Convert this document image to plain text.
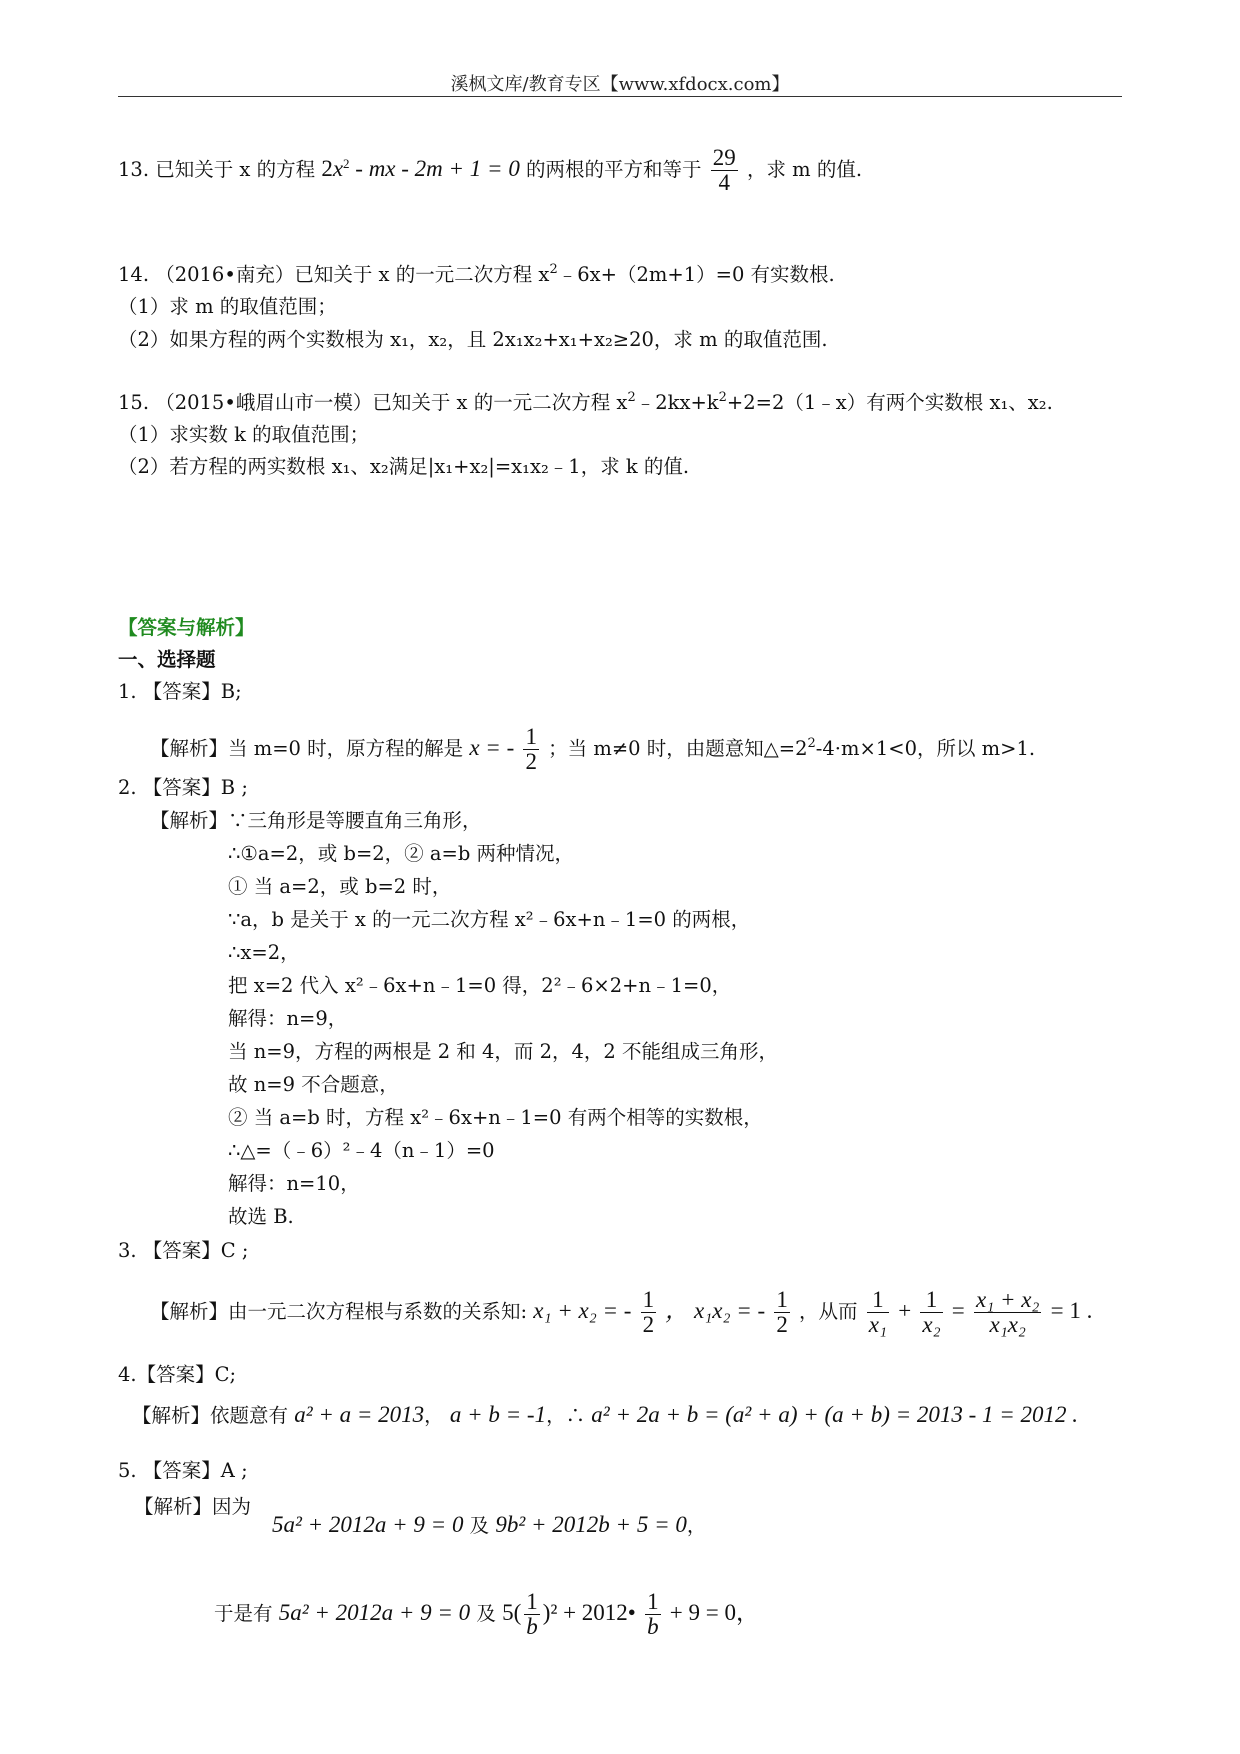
溪枫文库/教育专区【www.xfdocx.com】
13. 已知关于 x 的方程 $2x^2$ - mx - 2m + 1 = 0 的两根的平方和等于 $\frac{29}{4}$ ，求 m 的值.
14. （2016•南充）已知关于 x 的一元二次方程 $x^2﹣6x+(2m+1)=0$ 有实数根.
（1）求 m 的取值范围；
（2）如果方程的两个实数根为 x₁，x₂，且 2x₁x₂+x₁+x₂≥20，求 m 的取值范围.
15. （2015•峨眉山市一模）已知关于 x 的一元二次方程 $x^2﹣2kx+k^2+2=2(1﹣x)$有两个实数根 x₁、x₂.
（1）求实数 k 的取值范围；
（2）若方程的两实数根 x₁、x₂满足|x₁+x₂|=x₁x₂﹣1，求 k 的值.
【答案与解析】
一、选择题
1. 【答案】B;
【解析】当 m=0 时，原方程的解是 x = - $\frac{1}{2}$ ；当 m≠0 时，由题意知$\triangle=2^2-4\cdot m\times 1<0$，所以 m>1.
2. 【答案】B ;
【解析】∵三角形是等腰直角三角形，
∴①a=2，或 b=2，② a=b 两种情况，
① 当 a=2，或 b=2 时，
∵a，b 是关于 x 的一元二次方程 x²﹣6x+n﹣1=0 的两根，
∴x=2，
把 x=2 代入 x²﹣6x+n﹣1=0 得，2²﹣6×2+n﹣1=0，
解得：n=9，
当 n=9，方程的两根是 2 和 4，而 2，4，2 不能组成三角形，
故 n=9 不合题意，
② 当 a=b 时，方程 x²﹣6x+n﹣1=0 有两个相等的实数根，
∴△=（﹣6）²﹣4（n﹣1）=0
解得：n=10，
故选 B.
3. 【答案】C ;
【解析】由一元二次方程根与系数的关系知: x₁ + x₂ = - $\frac{1}{2}$ ， x₁x₂ = - $\frac{1}{2}$ ，从而 $\frac{1}{\text{x₁}} + \frac{1}{\text{x₂}} = \frac{\text{x₁ + x₂}}{\text{x₁x₂}} = 1$ .
4.【答案】C;
【解析】依题意有 a² + a = 2013， a + b = -1，∴ a² + 2a + b = (a² + a) + (a + b) = 2013 - 1 = 2012 .
5. 【答案】A ;
【解析】因为
5a² + 2012a + 9 = 0 及 9b² + 2012b + 5 = 0，
于是有 5a² + 2012a + 9 = 0 及 $5( \frac{1}{b} )^2$ + 2012• $\frac{1}{b} + 9 = 0$，
